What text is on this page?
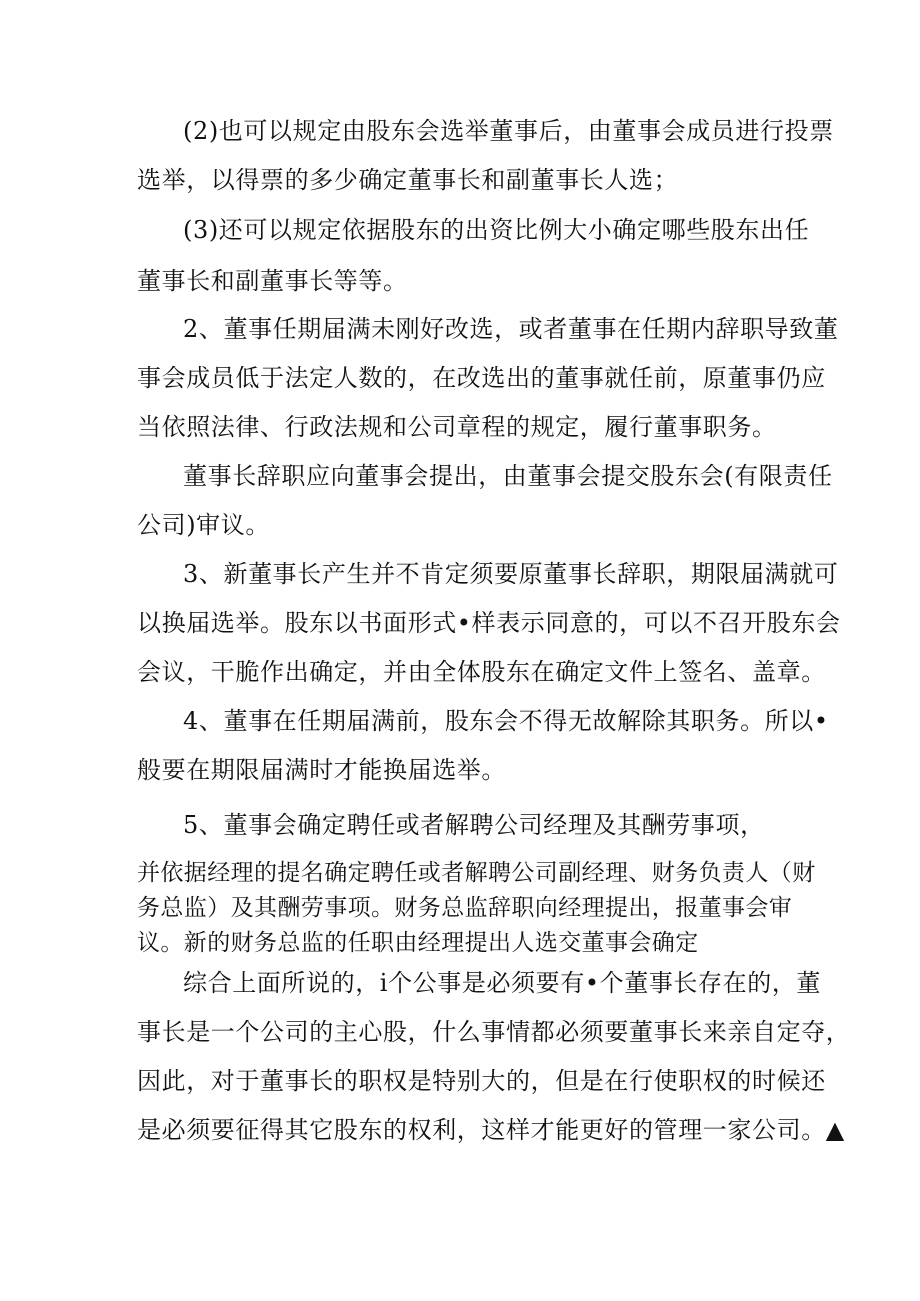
(2)也可以规定由股东会选举董事后，由董事会成员进行投票
选举，以得票的多少确定董事长和副董事长人选；
(3)还可以规定依据股东的出资比例大小确定哪些股东出任
董事长和副董事长等等。
2、董事任期届满未刚好改选，或者董事在任期内辞职导致董
事会成员低于法定人数的，在改选出的董事就任前，原董事仍应
当依照法律、行政法规和公司章程的规定，履行董事职务。
董事长辞职应向董事会提出，由董事会提交股东会(有限责任
公司)审议。
3、新董事长产生并不肯定须要原董事长辞职，期限届满就可
以换届选举。股东以书面形式•样表示同意的，可以不召开股东会
会议，干脆作出确定，并由全体股东在确定文件上签名、盖章。
4、董事在任期届满前，股东会不得无故解除其职务。所以•
般要在期限届满时才能换届选举。
5、董事会确定聘任或者解聘公司经理及其酬劳事项，
并依据经理的提名确定聘任或者解聘公司副经理、财务负责人（财
务总监）及其酬劳事项。财务总监辞职向经理提出，报董事会审
议。新的财务总监的任职由经理提出人选交董事会确定
综合上面所说的，i个公事是必须要有•个董事长存在的，董
事长是一个公司的主心股，什么事情都必须要董事长来亲自定夺，
因此，对于董事长的职权是特别大的，但是在行使职权的时候还
是必须要征得其它股东的权利，这样才能更好的管理一家公司。▲
